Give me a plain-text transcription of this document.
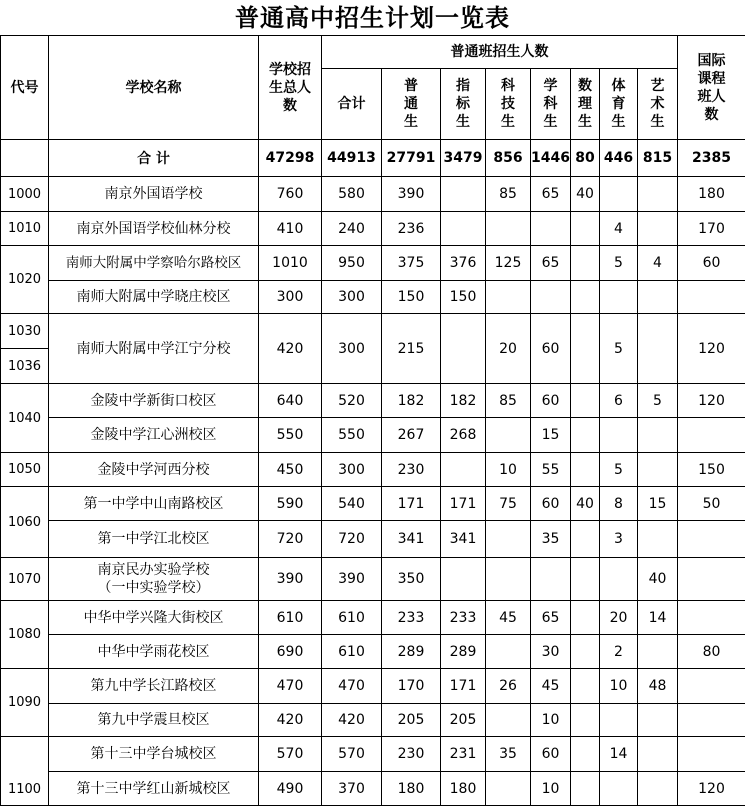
普通高中招生计划一览表
代号	学校名称	学校招生总人数	普通班招生人数								国际课程班人数
			合计	普通生	指标生	科技生	学科生	数理生	体育生	艺术生	
	合 计	47298	44913	27791	3479	856	1446	80	446	815	2385
1000	南京外国语学校	760	580	390		85	65	40			180
1010	南京外国语学校仙林分校	410	240	236					4		170
1020	南师大附属中学察哈尔路校区	1010	950	375	376	125	65		5	4	60
	南师大附属中学晓庄校区	300	300	150	150						
1030	南师大附属中学江宁分校	420	300	215		20	60		5		120
1036											
1040	金陵中学新街口校区	640	520	182	182	85	60		6	5	120
	金陵中学江心洲校区	550	550	267	268		15				
1050	金陵中学河西分校	450	300	230		10	55		5		150
1060	第一中学中山南路校区	590	540	171	171	75	60	40	8	15	50
	第一中学江北校区	720	720	341	341		35		3		
1070	南京民办实验学校
（一中实验学校）	390	390	350						40	
1080	中华中学兴隆大街校区	610	610	233	233	45	65		20	14	
	中华中学雨花校区	690	610	289	289		30		2		80
1090	第九中学长江路校区	470	470	170	171	26	45		10	48	
	第九中学震旦校区	420	420	205	205		10				
1100	第十三中学台城校区	570	570	230	231	35	60		14		
	第十三中学红山新城校区	490	370	180	180		10				120
